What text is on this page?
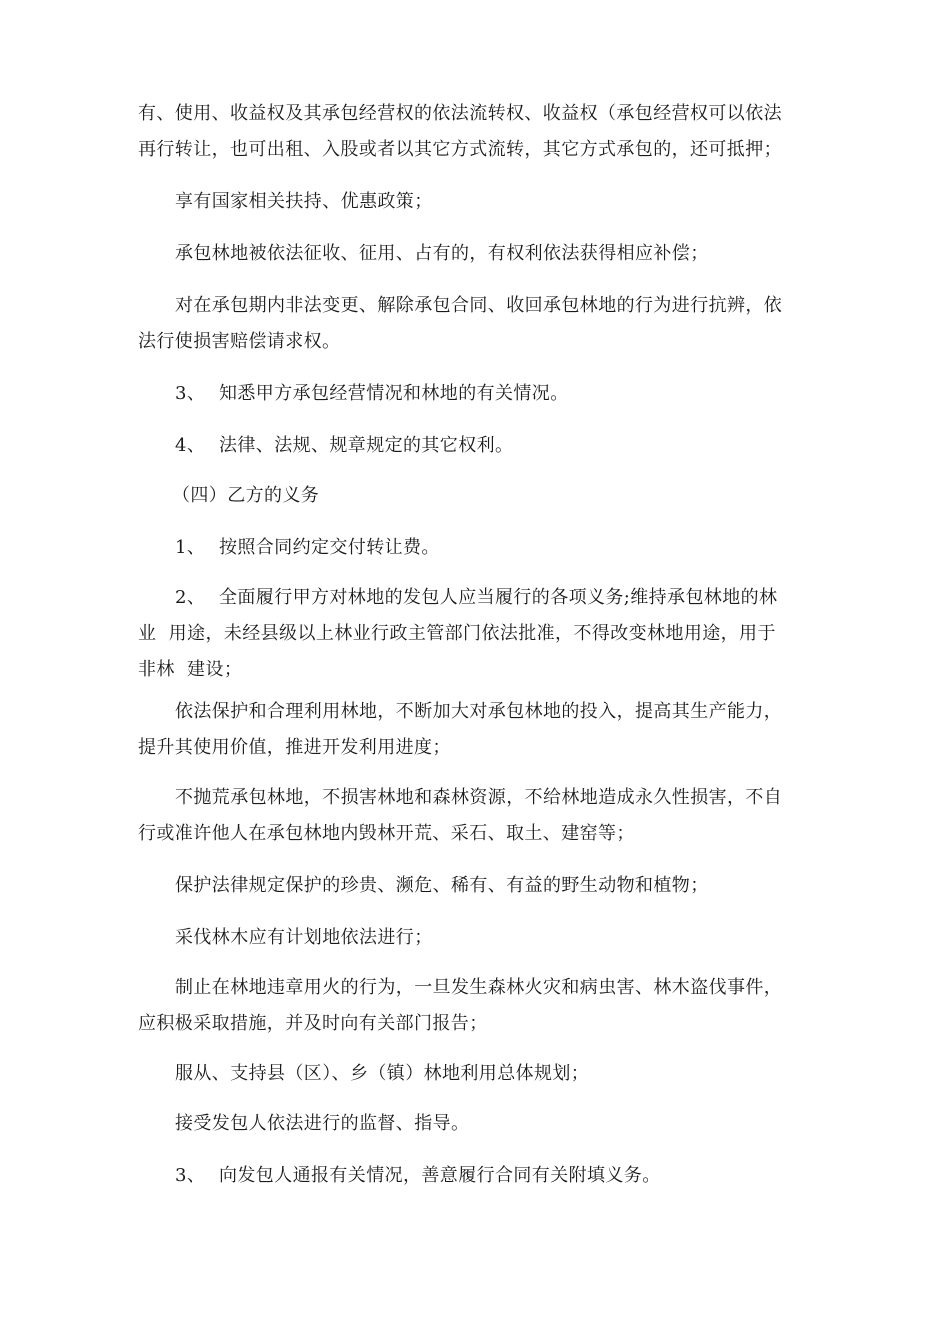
有、使用、收益权及其承包经营权的依法流转权、收益权（承包经营权可以依法
再行转让，也可出租、入股或者以其它方式流转，其它方式承包的，还可抵押；

享有国家相关扶持、优惠政策；

承包林地被依法征收、征用、占有的，有权利依法获得相应补偿；

对在承包期内非法变更、解除承包合同、收回承包林地的行为进行抗辨，依
法行使损害赔偿请求权。

3、 知悉甲方承包经营情况和林地的有关情况。

4、 法律、法规、规章规定的其它权利。

（四）乙方的义务

1、 按照合同约定交付转让费。

2、 全面履行甲方对林地的发包人应当履行的各项义务;维持承包林地的林
业  用途，未经县级以上林业行政主管部门依法批准，不得改变林地用途，用于
非林  建设；

依法保护和合理利用林地，不断加大对承包林地的投入，提高其生产能力，
提升其使用价值，推进开发利用进度；

不抛荒承包林地，不损害林地和森林资源，不给林地造成永久性损害，不自
行或准许他人在承包林地内毁林开荒、采石、取土、建窑等；

保护法律规定保护的珍贵、濒危、稀有、有益的野生动物和植物；

采伐林木应有计划地依法进行；

制止在林地违章用火的行为，一旦发生森林火灾和病虫害、林木盗伐事件，
应积极采取措施，并及时向有关部门报告；

服从、支持县（区）、乡（镇）林地利用总体规划；

接受发包人依法进行的监督、指导。

3、 向发包人通报有关情况，善意履行合同有关附填义务。
